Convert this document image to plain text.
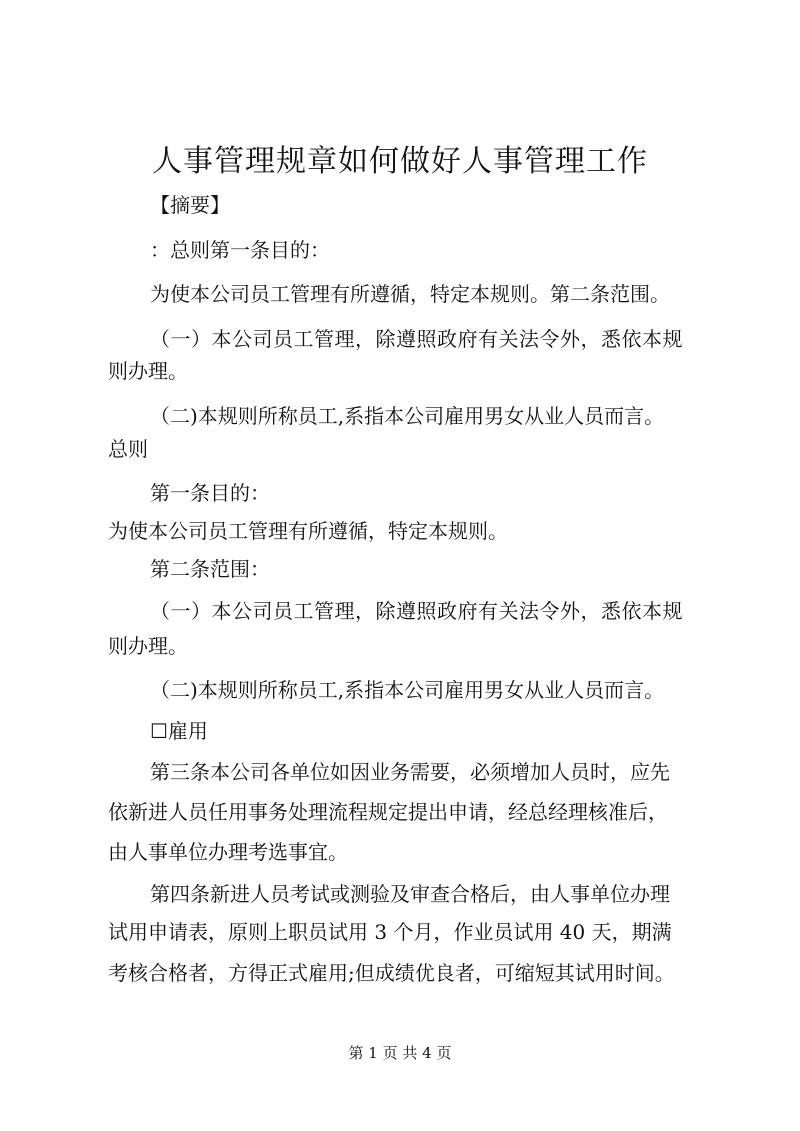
人事管理规章如何做好人事管理工作
【摘要】
：总则第一条目的：
为使本公司员工管理有所遵循，特定本规则。第二条范围。
（一）本公司员工管理，除遵照政府有关法令外，悉依本规
则办理。
（二)本规则所称员工,系指本公司雇用男女从业人员而言。
总则
第一条目的：
为使本公司员工管理有所遵循，特定本规则。
第二条范围：
（一）本公司员工管理，除遵照政府有关法令外，悉依本规
则办理。
（二)本规则所称员工,系指本公司雇用男女从业人员而言。
☐雇用
第三条本公司各单位如因业务需要，必须增加人员时，应先
依新进人员任用事务处理流程规定提出申请，经总经理核准后，
由人事单位办理考选事宜。
第四条新进人员考试或测验及审查合格后，由人事单位办理
试用申请表，原则上职员试用 3 个月，作业员试用 40 天，期满
考核合格者，方得正式雇用;但成绩优良者，可缩短其试用时间。
第 1 页 共 4 页
